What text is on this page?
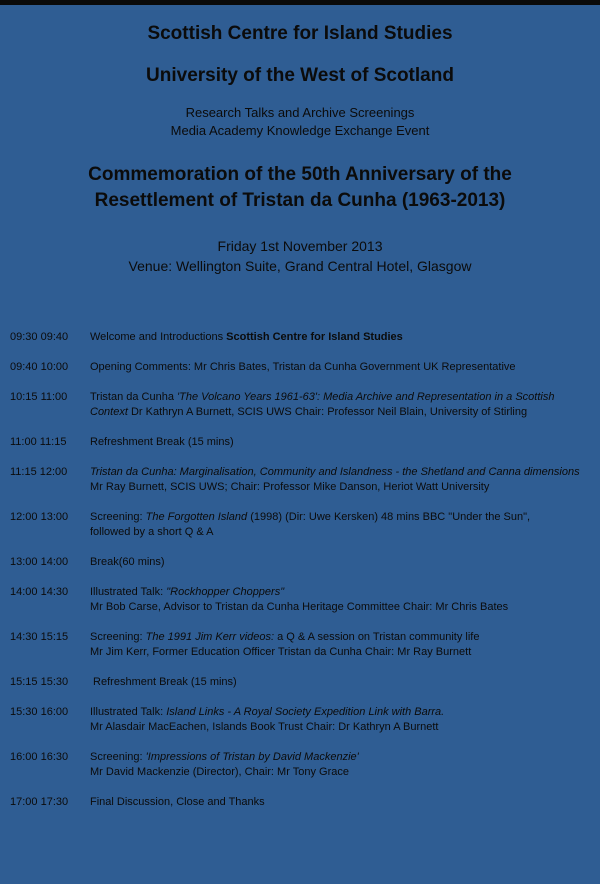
Scottish Centre for Island Studies

University of the West of Scotland

Research Talks and Archive Screenings

Media Academy Knowledge Exchange Event

Commemoration of the 50th Anniversary of the
Resettlement of Tristan da Cunha (1963-2013)

Friday 1st November 2013
Venue: Wellington Suite, Grand Central Hotel, Glasgow

09:30 09:40	Welcome and Introductions Scottish Centre for Island Studies
09:40 10:00	Opening Comments: Mr Chris Bates, Tristan da Cunha Government UK Representative
10:15 11:00	Tristan da Cunha 'The Volcano Years 1961-63': Media Archive and Representation in a Scottish
Context Dr Kathryn A Burnett, SCIS UWS Chair: Professor Neil Blain, University of Stirling
11:00 11:15	Refreshment Break (15 mins)
11:15 12:00	Tristan da Cunha: Marginalisation, Community and Islandness - the Shetland and Canna dimensions
Mr Ray Burnett, SCIS UWS; Chair: Professor Mike Danson, Heriot Watt University
12:00 13:00	Screening: The Forgotten Island (1998) (Dir: Uwe Kersken) 48 mins BBC "Under the Sun",
followed by a short Q & A
13:00 14:00	Break(60 mins)
14:00 14:30	Illustrated Talk: "Rockhopper Choppers"
Mr Bob Carse, Advisor to Tristan da Cunha Heritage Committee Chair: Mr Chris Bates
14:30 15:15	Screening: The 1991 Jim Kerr videos: a Q & A session on Tristan community life
Mr Jim Kerr, Former Education Officer Tristan da Cunha Chair: Mr Ray Burnett
15:15 15:30	Refreshment Break (15 mins)
15:30 16:00	Illustrated Talk: Island Links - A Royal Society Expedition Link with Barra.
Mr Alasdair MacEachen, Islands Book Trust Chair: Dr Kathryn A Burnett
16:00 16:30	Screening: 'Impressions of Tristan by David Mackenzie'
Mr David Mackenzie (Director), Chair: Mr Tony Grace
17:00 17:30	Final Discussion, Close and Thanks
